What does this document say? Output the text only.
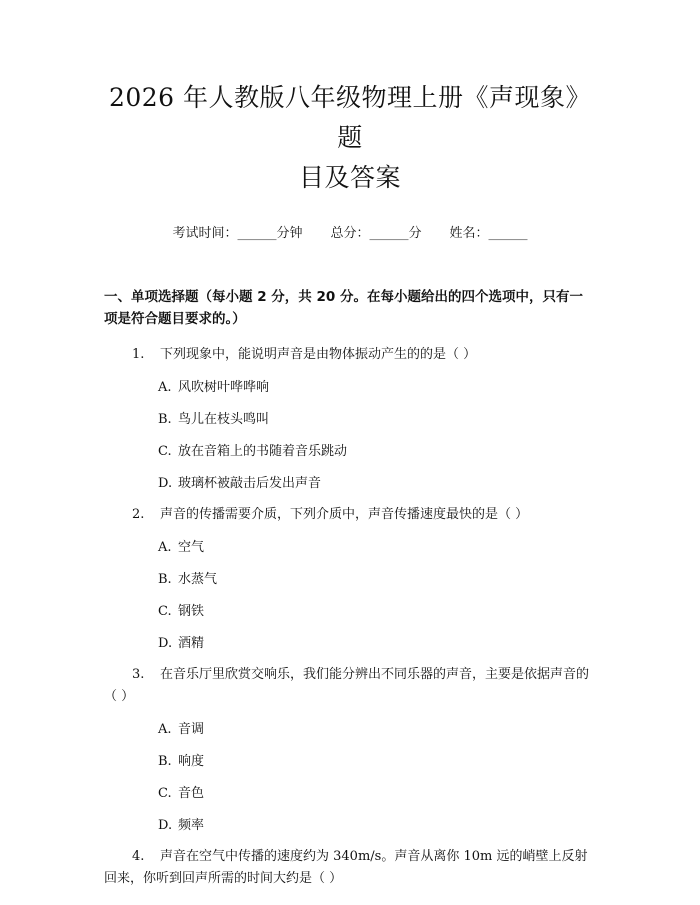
2026 年人教版八年级物理上册《声现象》题
目及答案
考试时间：______分钟 总分：______分 姓名：______
一、单项选择题（每小题 2 分，共 20 分。在每小题给出的四个选项中，只有一项是符合题目要求的。）
1. 下列现象中，能说明声音是由物体振动产生的的是（ ）
A. 风吹树叶哗哗响
B. 鸟儿在枝头鸣叫
C. 放在音箱上的书随着音乐跳动
D. 玻璃杯被敲击后发出声音
2. 声音的传播需要介质，下列介质中，声音传播速度最快的是（ ）
A. 空气
B. 水蒸气
C. 钢铁
D. 酒精
3. 在音乐厅里欣赏交响乐，我们能分辨出不同乐器的声音，主要是依据声音的（ ）
A. 音调
B. 响度
C. 音色
D. 频率
4. 声音在空气中传播的速度约为 340m/s。声音从离你 10m 远的峭壁上反射回来，你听到回声所需的时间大约是（ ）
